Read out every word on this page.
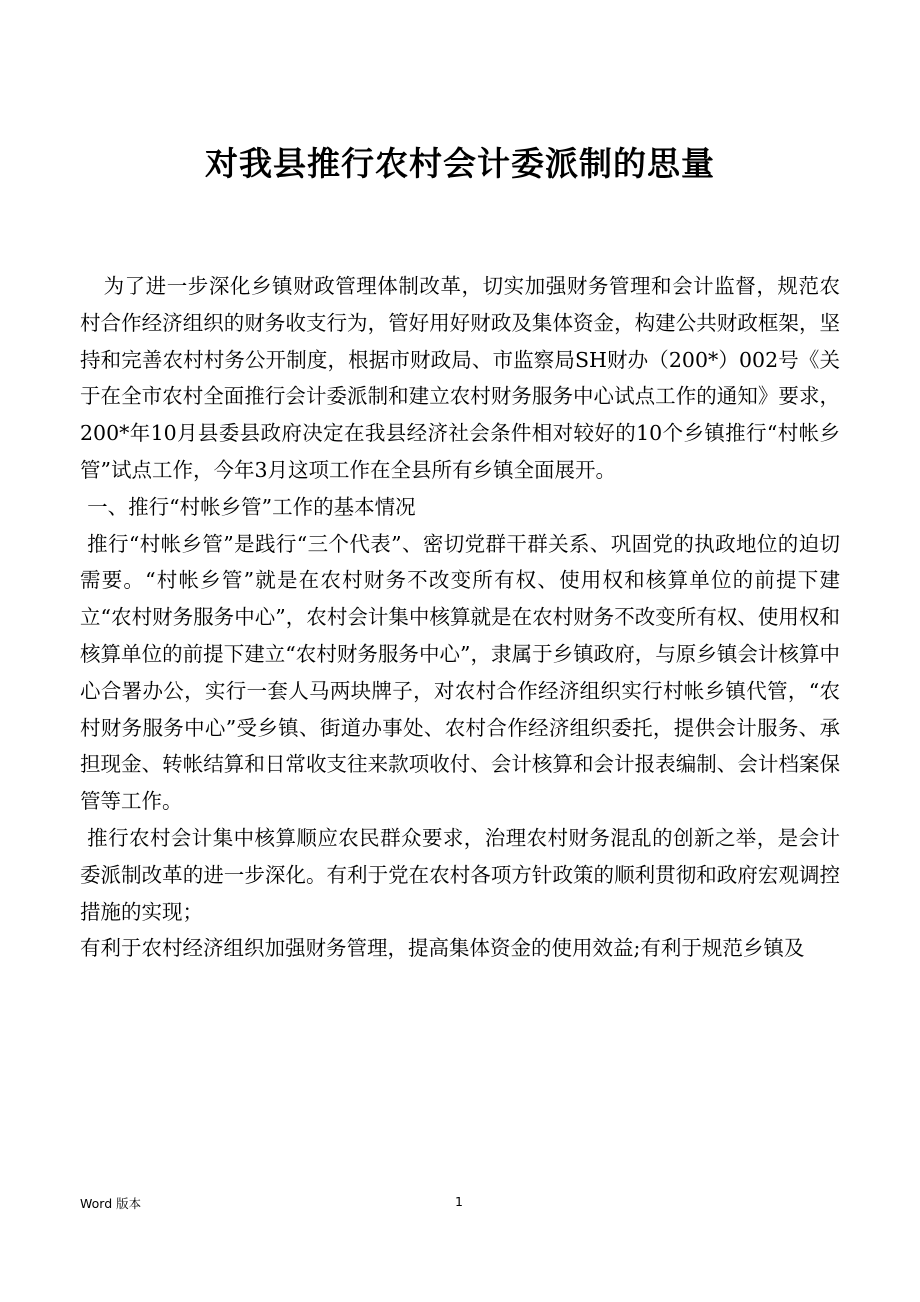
对我县推行农村会计委派制的思量

为了进一步深化乡镇财政管理体制改革，切实加强财务管理和会计监督，规范农村合作经济组织的财务收支行为，管好用好财政及集体资金，构建公共财政框架，坚持和完善农村村务公开制度，根据市财政局、市监察局SH财办（200*）002号《关于在全市农村全面推行会计委派制和建立农村财务服务中心试点工作的通知》要求，200*年10月县委县政府决定在我县经济社会条件相对较好的10个乡镇推行“村帐乡管”试点工作，今年3月这项工作在全县所有乡镇全面展开。

一、推行“村帐乡管”工作的基本情况

推行“村帐乡管”是践行“三个代表”、密切党群干群关系、巩固党的执政地位的迫切需要。“村帐乡管”就是在农村财务不改变所有权、使用权和核算单位的前提下建立“农村财务服务中心”，农村会计集中核算就是在农村财务不改变所有权、使用权和核算单位的前提下建立“农村财务服务中心”，隶属于乡镇政府，与原乡镇会计核算中心合署办公，实行一套人马两块牌子，对农村合作经济组织实行村帐乡镇代管，“农村财务服务中心”受乡镇、街道办事处、农村合作经济组织委托，提供会计服务、承担现金、转帐结算和日常收支往来款项收付、会计核算和会计报表编制、会计档案保管等工作。

推行农村会计集中核算顺应农民群众要求，治理农村财务混乱的创新之举，是会计委派制改革的进一步深化。有利于党在农村各项方针政策的顺利贯彻和政府宏观调控措施的实现；

有利于农村经济组织加强财务管理，提高集体资金的使用效益;有利于规范乡镇及

Word 版本	1
